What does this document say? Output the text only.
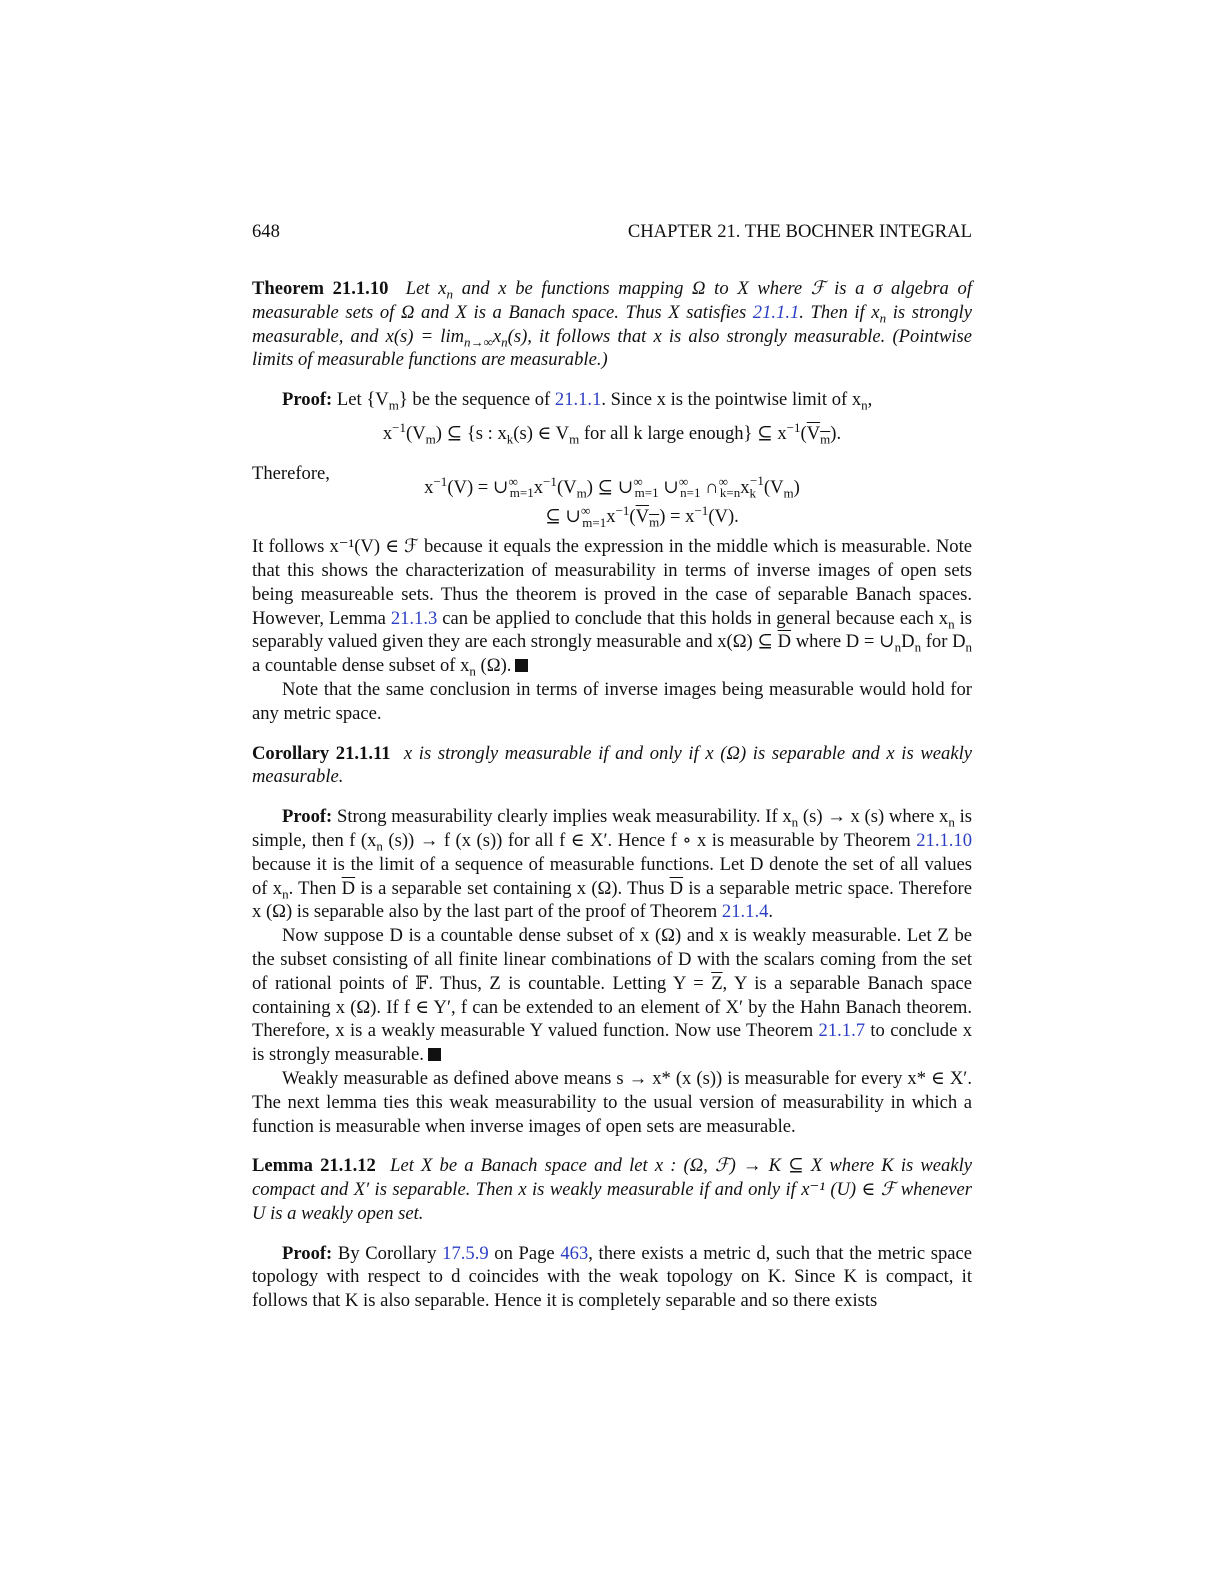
648	CHAPTER 21. THE BOCHNER INTEGRAL

Theorem 21.1.10 Let $x_n$ and x be functions mapping Ω to X where ℱ is a σ algebra of measurable sets of Ω and X is a Banach space. Thus X satisfies 21.1.1. Then if $x_n$ is strongly measurable, and $x(s) = \lim_{n\to\infty}x_n(s)$, it follows that x is also strongly measurable. (Pointwise limits of measurable functions are measurable.)

Proof: Let $\{V_m\}$ be the sequence of 21.1.1. Since x is the pointwise limit of $x_n$,

$x^{-1}(V_m)$ ⊆ {s : $x_k(s)$ ∈ $V_m$ for all k large enough} ⊆ $x^{-1}(V_m)$.

Therefore,

$x^{-1}(V)$ = $\cup^\infty_{m=1}x^{-1}(V_m)$ ⊆ $\cup^\infty_{m=1}$ $\cup^\infty_{n=1}$ $\cap^\infty_{k=n}x_k^{-1}(V_m)$

⊆ $\cup^\infty_{m=1}x^{-1}(V_m) = x^{-1}(V)$.

It follows x⁻¹(V) ∈ ℱ because it equals the expression in the middle which is measurable. Note that this shows the characterization of measurability in terms of inverse images of open sets being measureable sets. Thus the theorem is proved in the case of separable Banach spaces. However, Lemma 21.1.3 can be applied to conclude that this holds in general because each $x_n$ is separably valued given they are each strongly measurable and x(Ω) ⊆ $\overline{D}$ where $D = \cup_nD_n$ for $D_n$ a countable dense subset of $x_n$ (Ω).

Note that the same conclusion in terms of inverse images being measurable would hold for any metric space.

Corollary 21.1.11  x is strongly measurable if and only if x (Ω) is separable and x is weakly measurable.

Proof: Strong measurability clearly implies weak measurability. If $x_n$ (s) → x (s) where $x_n$ is simple, then f ($x_n$ (s)) → f (x (s)) for all f ∈ X′. Hence f ∘ x is measurable by Theorem 21.1.10 because it is the limit of a sequence of measurable functions. Let D denote the set of all values of $x_n$. Then $\overline{D}$ is a separable set containing x (Ω). Thus $\overline{D}$ is a separable metric space. Therefore x (Ω) is separable also by the last part of the proof of Theorem 21.1.4.

Now suppose D is a countable dense subset of x (Ω) and x is weakly measurable. Let Z be the subset consisting of all finite linear combinations of D with the scalars coming from the set of rational points of 𝔽. Thus, Z is countable. Letting $Y = \overline{Z}$, Y is a separable Banach space containing x (Ω). If f ∈ Y′, f can be extended to an element of X′ by the Hahn Banach theorem. Therefore, x is a weakly measurable Y valued function. Now use Theorem 21.1.7 to conclude x is strongly measurable.

Weakly measurable as defined above means s → x* (x (s)) is measurable for every x* ∈ X′. The next lemma ties this weak measurability to the usual version of measurability in which a function is measurable when inverse images of open sets are measurable.

Lemma 21.1.12  Let X be a Banach space and let x : (Ω, ℱ) → K ⊆ X where K is weakly compact and X′ is separable. Then x is weakly measurable if and only if x⁻¹ (U) ∈ ℱ whenever U is a weakly open set.

Proof: By Corollary 17.5.9 on Page 463, there exists a metric d, such that the metric space topology with respect to d coincides with the weak topology on K. Since K is compact, it follows that K is also separable. Hence it is completely separable and so there exists
